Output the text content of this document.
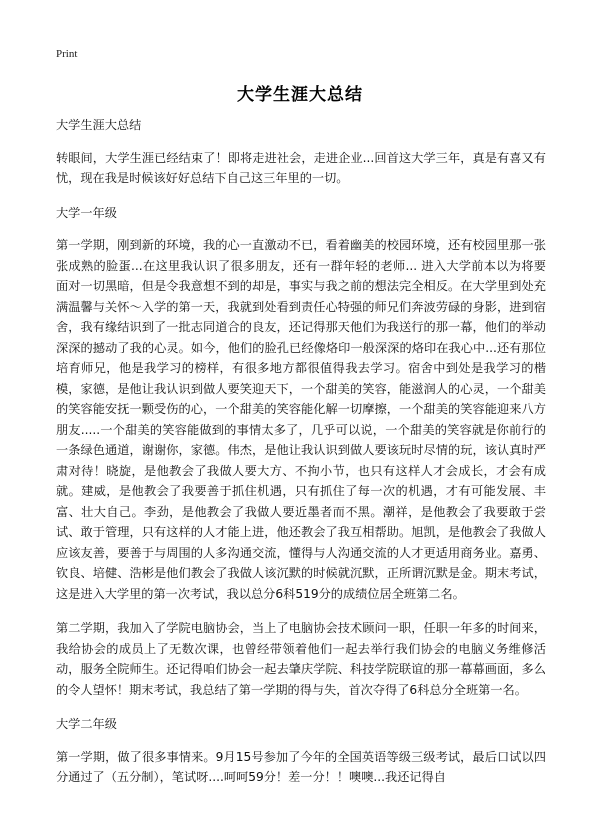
Print
大学生涯大总结

大学生涯大总结

转眼间，大学生涯已经结束了！即将走进社会，走进企业...回首这大学三年，真是有喜又有忧，现在我是时候该好好总结下自己这三年里的一切。

大学一年级

第一学期，刚到新的环境，我的心一直激动不已，看着幽美的校园环境，还有校园里那一张张成熟的脸蛋...在这里我认识了很多朋友，还有一群年轻的老师... 进入大学前本以为将要面对一切黑暗，但是令我意想不到的却是，事实与我之前的想法完全相反。在大学里到处充满温馨与关怀～入学的第一天，我就到处看到责任心特强的师兄们奔波劳碌的身影，进到宿舍，我有缘结识到了一批志同道合的良友，还记得那天他们为我送行的那一幕，他们的举动深深的撼动了我的心灵。如今，他们的脸孔已经像烙印一般深深的烙印在我心中...还有那位培育师兄，他是我学习的榜样，有很多地方都很值得我去学习。宿舍中到处是我学习的楷模，家德，是他让我认识到做人要笑迎天下，一个甜美的笑容，能滋润人的心灵，一个甜美的笑容能安抚一颗受伤的心，一个甜美的笑容能化解一切摩擦，一个甜美的笑容能迎来八方朋友.....一个甜美的笑容能做到的事情太多了，几乎可以说，一个甜美的笑容就是你前行的一条绿色通道，谢谢你，家德。伟杰，是他让我认识到做人要该玩时尽情的玩，该认真时严肃对待！晓旋，是他教会了我做人要大方、不拘小节，也只有这样人才会成长，才会有成就。建威，是他教会了我要善于抓住机遇，只有抓住了每一次的机遇，才有可能发展、丰富、壮大自己。李劲，是他教会了我做人要近墨者而不黑。潮祥，是他教会了我要敢于尝试、敢于管理，只有这样的人才能上进，他还教会了我互相帮助。旭凯，是他教会了我做人应该友善，要善于与周围的人多沟通交流，懂得与人沟通交流的人才更适用商务业。嘉勇、钦良、培健、浩彬是他们教会了我做人该沉默的时候就沉默，正所谓沉默是金。期末考试，这是进入大学里的第一次考试，我以总分6科519分的成绩位居全班第二名。

第二学期，我加入了学院电脑协会，当上了电脑协会技术顾问一职，任职一年多的时间来，我给协会的成员上了无数次课，也曾经带领着他们一起去举行我们协会的电脑义务维修活动，服务全院师生。还记得咱们协会一起去肇庆学院、科技学院联谊的那一幕幕画面，多么的令人望怀！期末考试，我总结了第一学期的得与失，首次夺得了6科总分全班第一名。

大学二年级

第一学期，做了很多事情来。9月15号参加了今年的全国英语等级三级考试，最后口试以四分通过了（五分制），笔试呀....呵呵59分！差一分！！噢噢...我还记得自
